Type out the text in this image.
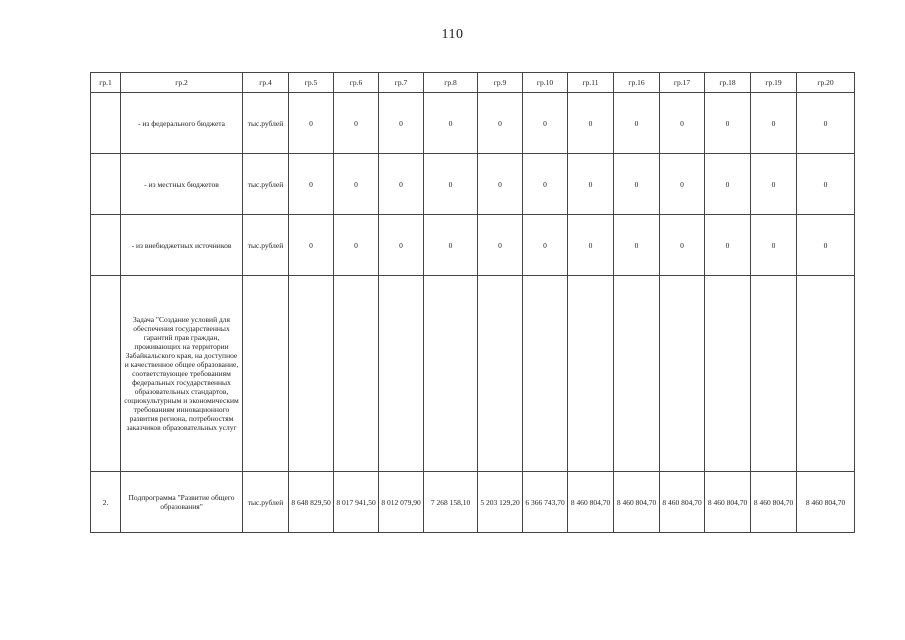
110
гр.1	гр.2	гр.4	гр.5	гр.6	гр.7	гр.8	гр.9	гр.10	гр.11	гр.16	гр.17	гр.18	гр.19	гр.20
	- из федерального бюджета	тыс.рублей	0	0	0	0	0	0	0	0	0	0	0	0
	- из местных бюджетов	тыс.рублей	0	0	0	0	0	0	0	0	0	0	0	0
	- из внебюджетных источников	тыс.рублей	0	0	0	0	0	0	0	0	0	0	0	0
	Задача "Создание условий для обеспечения государственных гарантий прав граждан, проживающих на территории Забайкальского края, на доступное и качественное общее образование, соответствующее требованиям федеральных государственных образовательных стандартов, социокультурным и экономическим требованиям инновационного развития региона, потребностям заказчиков образовательных услуг													
2.	Подпрограмма "Развитие общего образования"	тыс.рублей	8 648 829,50	8 017 941,50	8 012 079,90	7 268 158,10	5 203 129,20	6 366 743,70	8 460 804,70	8 460 804,70	8 460 804,70	8 460 804,70	8 460 804,70	8 460 804,70
